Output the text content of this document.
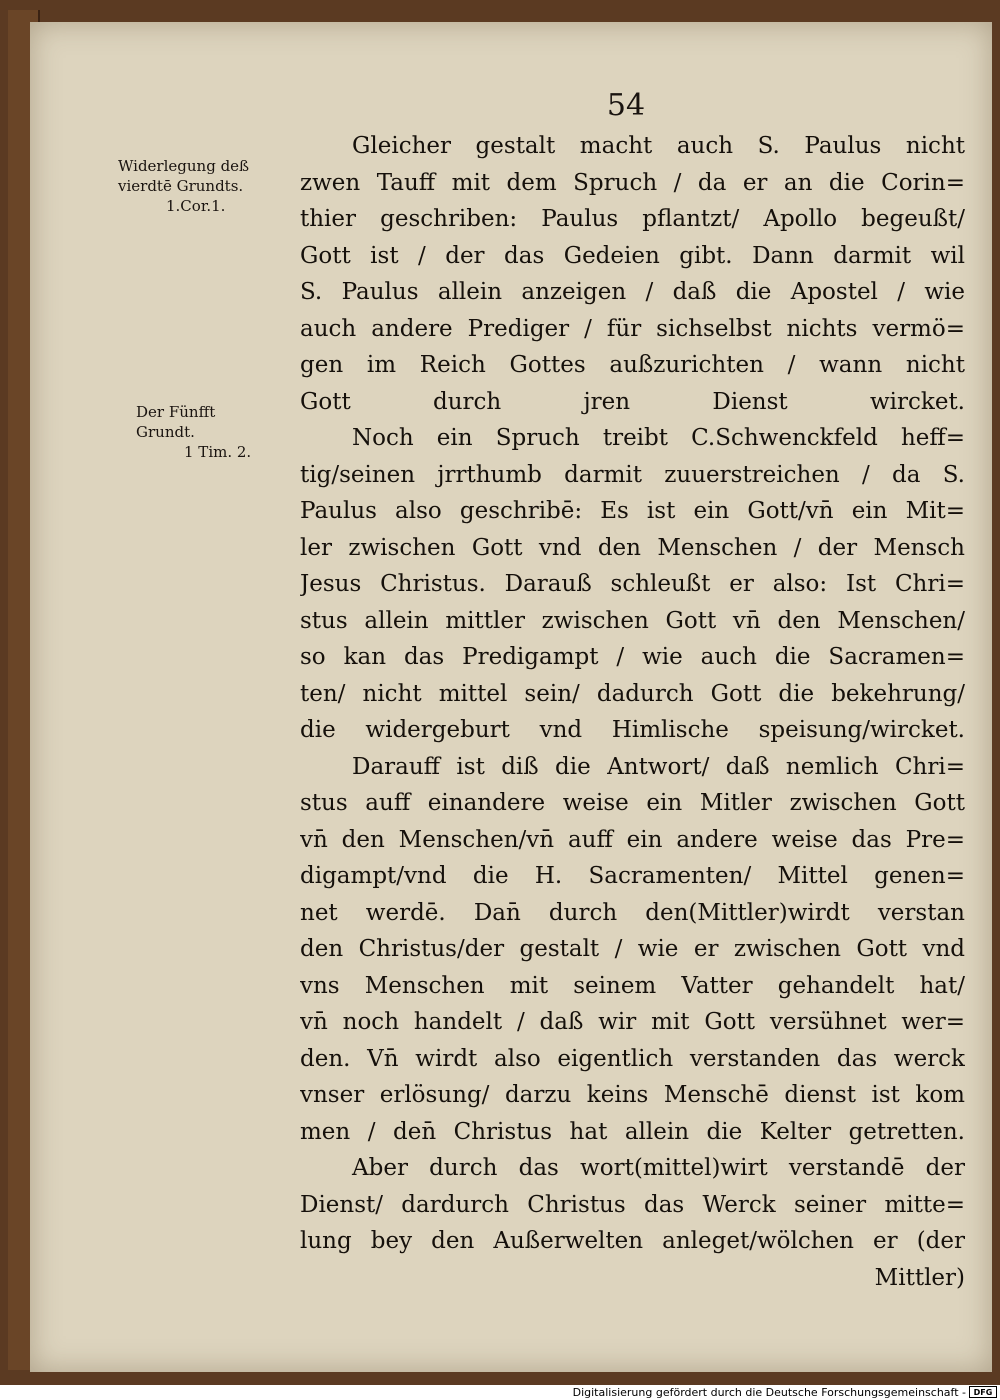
54
Widerlegung deß
vierdtē Grundts.
1.Cor.1.
Der Fünfft
Grundt.
1 Tim. 2.
Gleicher gestalt macht auch S. Paulus nicht
zwen Tauff mit dem Spruch / da er an die Corin=
thier geschriben: Paulus pflantzt/ Apollo begeußt/
Gott ist / der das Gedeien gibt. Dann darmit wil
S. Paulus allein anzeigen / daß die Apostel / wie
auch andere Prediger / für sichselbst nichts vermö=
gen im Reich Gottes außzurichten / wann nicht
Gott durch jren Dienst wircket.
Noch ein Spruch treibt C.Schwenckfeld heff=
tig/seinen jrrthumb darmit zuuerstreichen / da S.
Paulus also geschribē: Es ist ein Gott/vn̄ ein Mit=
ler zwischen Gott vnd den Menschen / der Mensch
Jesus Christus. Darauß schleußt er also: Ist Chri=
stus allein mittler zwischen Gott vn̄ den Menschen/
so kan das Predigampt / wie auch die Sacramen=
ten/ nicht mittel sein/ dadurch Gott die bekehrung/
die widergeburt vnd Himlische speisung/wircket.
Darauff ist diß die Antwort/ daß nemlich Chri=
stus auff einandere weise ein Mitler zwischen Gott
vn̄ den Menschen/vn̄ auff ein andere weise das Pre=
digampt/vnd die H. Sacramenten/ Mittel genen=
net werdē. Dan̄ durch den(Mittler)wirdt verstan
den Christus/der gestalt / wie er zwischen Gott vnd
vns Menschen mit seinem Vatter gehandelt hat/
vn̄ noch handelt / daß wir mit Gott versühnet wer=
den. Vn̄ wirdt also eigentlich verstanden das werck
vnser erlösung/ darzu keins Menschē dienst ist kom
men / den̄ Christus hat allein die Kelter getretten.
Aber durch das wort(mittel)wirt verstandē der
Dienst/ dardurch Christus das Werck seiner mitte=
lung bey den Außerwelten anleget/wölchen er (der
Mittler)
Digitalisierung gefördert durch die Deutsche Forschungsgemeinschaft - DFG
